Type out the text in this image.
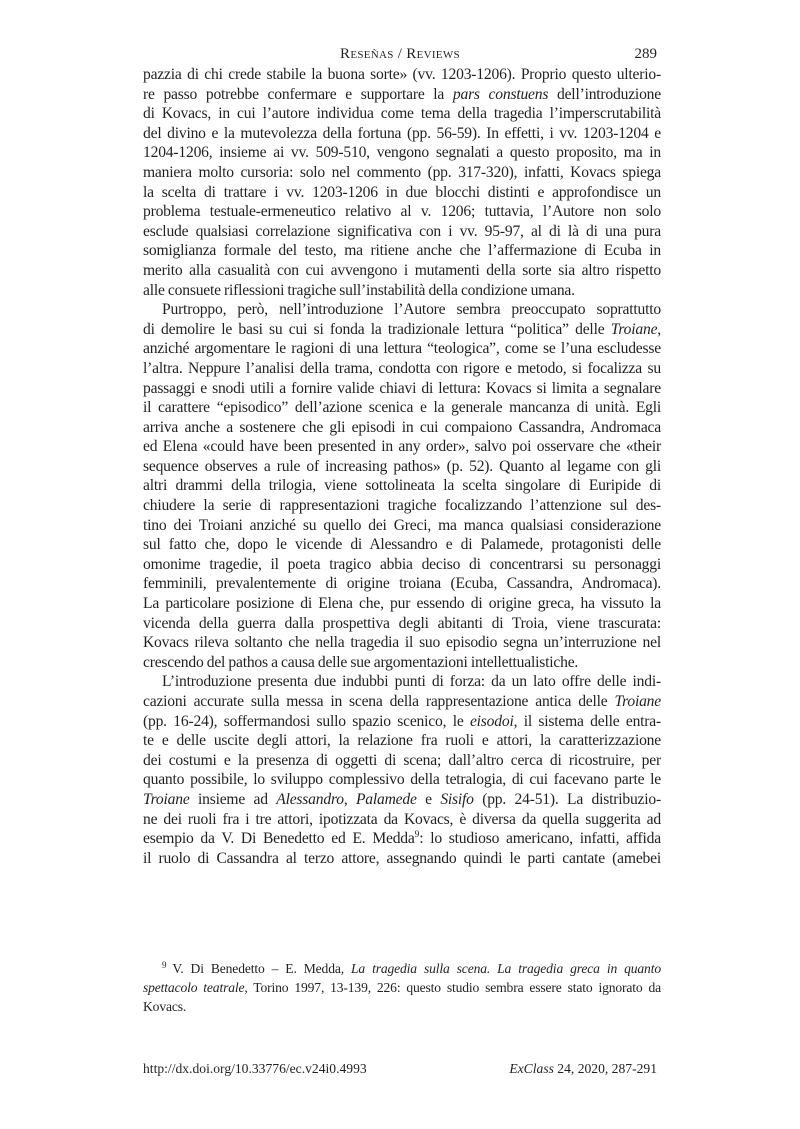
Reseñas / Reviews	289
pazzia di chi crede stabile la buona sorte» (vv. 1203-1206). Proprio questo ulterio-
re passo potrebbe confermare e supportare la pars constuens dell’introduzione
di Kovacs, in cui l’autore individua come tema della tragedia l’imperscrutabilità
del divino e la mutevolezza della fortuna (pp. 56-59). In effetti, i vv. 1203-1204 e
1204-1206, insieme ai vv. 509-510, vengono segnalati a questo proposito, ma in
maniera molto cursoria: solo nel commento (pp. 317-320), infatti, Kovacs spiega
la scelta di trattare i vv. 1203-1206 in due blocchi distinti e approfondisce un
problema testuale-ermeneutico relativo al v. 1206; tuttavia, l’Autore non solo
esclude qualsiasi correlazione significativa con i vv. 95-97, al di là di una pura
somiglianza formale del testo, ma ritiene anche che l’affermazione di Ecuba in
merito alla casualità con cui avvengono i mutamenti della sorte sia altro rispetto
alle consuete riflessioni tragiche sull’instabilità della condizione umana.
Purtroppo, però, nell’introduzione l’Autore sembra preoccupato soprattutto
di demolire le basi su cui si fonda la tradizionale lettura “politica” delle Troiane,
anziché argomentare le ragioni di una lettura “teologica”, come se l’una escludesse
l’altra. Neppure l’analisi della trama, condotta con rigore e metodo, si focalizza su
passaggi e snodi utili a fornire valide chiavi di lettura: Kovacs si limita a segnalare
il carattere “episodico” dell’azione scenica e la generale mancanza di unità. Egli
arriva anche a sostenere che gli episodi in cui compaiono Cassandra, Andromaca
ed Elena «could have been presented in any order», salvo poi osservare che «their
sequence observes a rule of increasing pathos» (p. 52). Quanto al legame con gli
altri drammi della trilogia, viene sottolineata la scelta singolare di Euripide di
chiudere la serie di rappresentazioni tragiche focalizzando l’attenzione sul des-
tino dei Troiani anziché su quello dei Greci, ma manca qualsiasi considerazione
sul fatto che, dopo le vicende di Alessandro e di Palamede, protagonisti delle
omonime tragedie, il poeta tragico abbia deciso di concentrarsi su personaggi
femminili, prevalentemente di origine troiana (Ecuba, Cassandra, Andromaca).
La particolare posizione di Elena che, pur essendo di origine greca, ha vissuto la
vicenda della guerra dalla prospettiva degli abitanti di Troia, viene trascurata:
Kovacs rileva soltanto che nella tragedia il suo episodio segna un’interruzione nel
crescendo del pathos a causa delle sue argomentazioni intellettualistiche.
L’introduzione presenta due indubbi punti di forza: da un lato offre delle indi-
cazioni accurate sulla messa in scena della rappresentazione antica delle Troiane
(pp. 16-24), soffermandosi sullo spazio scenico, le eisodoi, il sistema delle entra-
te e delle uscite degli attori, la relazione fra ruoli e attori, la caratterizzazione
dei costumi e la presenza di oggetti di scena; dall’altro cerca di ricostruire, per
quanto possibile, lo sviluppo complessivo della tetralogia, di cui facevano parte le
Troiane insieme ad Alessandro, Palamede e Sisifo (pp. 24-51). La distribuzio-
ne dei ruoli fra i tre attori, ipotizzata da Kovacs, è diversa da quella suggerita ad
esempio da V. Di Benedetto ed E. Medda$^9$: lo studioso americano, infatti, affida
il ruolo di Cassandra al terzo attore, assegnando quindi le parti cantate (amebei
$^9$ V. Di Benedetto – E. Medda, La tragedia sulla scena. La tragedia greca in quanto
spettacolo teatrale, Torino 1997, 13-139, 226: questo studio sembra essere stato ignorato da
Kovacs.
http://dx.doi.org/10.33776/ec.v24i0.4993	ExClass 24, 2020, 287-291
